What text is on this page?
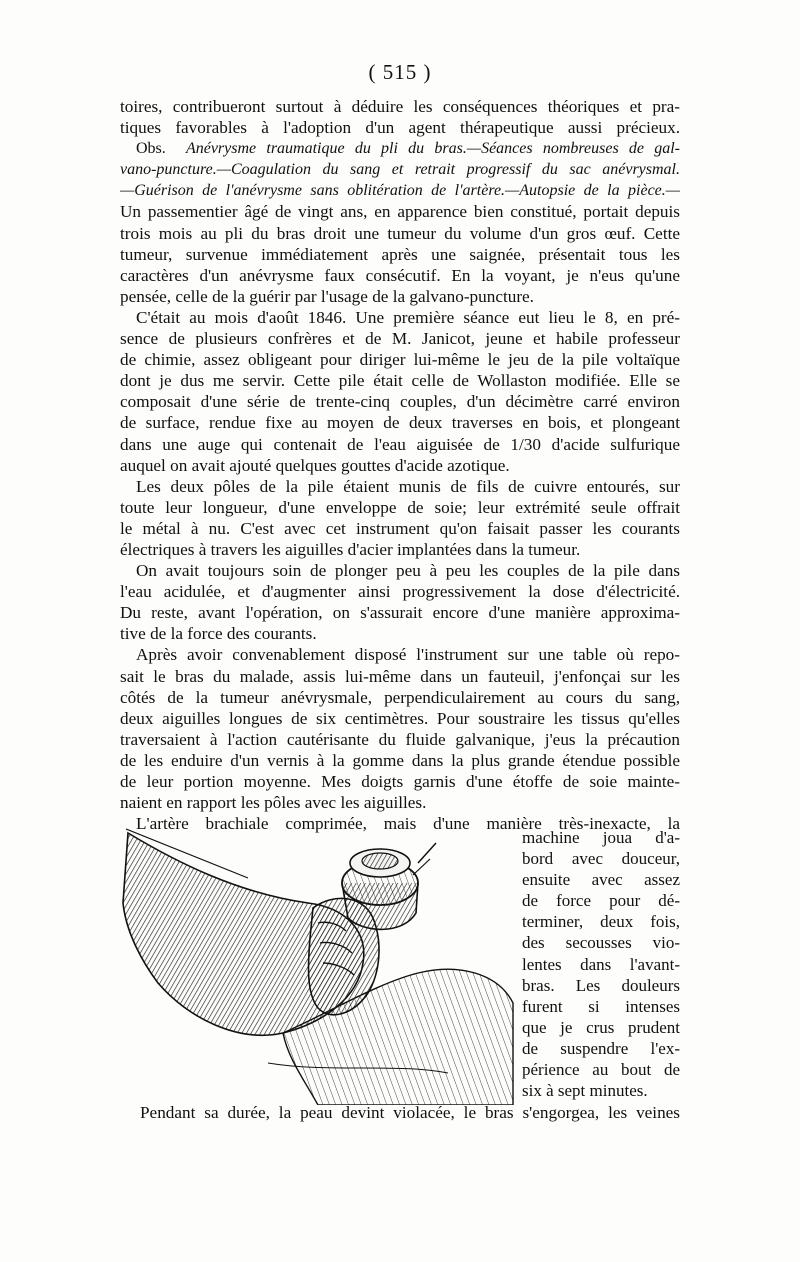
( 515 )
toires, contribueront surtout à déduire les conséquences théoriques et pra-
tiques favorables à l'adoption d'un agent thérapeutique aussi précieux.
Obs. Anévrysme traumatique du pli du bras.—Séances nombreuses de gal-
vano-puncture.—Coagulation du sang et retrait progressif du sac anévrysmal.
—Guérison de l'anévrysme sans oblitération de l'artère.—Autopsie de la pièce.—
Un passementier âgé de vingt ans, en apparence bien constitué, portait depuis
trois mois au pli du bras droit une tumeur du volume d'un gros œuf. Cette
tumeur, survenue immédiatement après une saignée, présentait tous les
caractères d'un anévrysme faux consécutif. En la voyant, je n'eus qu'une
pensée, celle de la guérir par l'usage de la galvano-puncture.
C'était au mois d'août 1846. Une première séance eut lieu le 8, en pré-
sence de plusieurs confrères et de M. Janicot, jeune et habile professeur
de chimie, assez obligeant pour diriger lui-même le jeu de la pile voltaïque
dont je dus me servir. Cette pile était celle de Wollaston modifiée. Elle se
composait d'une série de trente-cinq couples, d'un décimètre carré environ
de surface, rendue fixe au moyen de deux traverses en bois, et plongeant
dans une auge qui contenait de l'eau aiguisée de 1/30 d'acide sulfurique
auquel on avait ajouté quelques gouttes d'acide azotique.
Les deux pôles de la pile étaient munis de fils de cuivre entourés, sur
toute leur longueur, d'une enveloppe de soie; leur extrémité seule offrait
le métal à nu. C'est avec cet instrument qu'on faisait passer les courants
électriques à travers les aiguilles d'acier implantées dans la tumeur.
On avait toujours soin de plonger peu à peu les couples de la pile dans
l'eau acidulée, et d'augmenter ainsi progressivement la dose d'électricité.
Du reste, avant l'opération, on s'assurait encore d'une manière approxima-
tive de la force des courants.
Après avoir convenablement disposé l'instrument sur une table où repo-
sait le bras du malade, assis lui-même dans un fauteuil, j'enfonçai sur les
côtés de la tumeur anévrysmale, perpendiculairement au cours du sang,
deux aiguilles longues de six centimètres. Pour soustraire les tissus qu'elles
traversaient à l'action cautérisante du fluide galvanique, j'eus la précaution
de les enduire d'un vernis à la gomme dans la plus grande étendue possible
de leur portion moyenne. Mes doigts garnis d'une étoffe de soie mainte-
naient en rapport les pôles avec les aiguilles.
L'artère brachiale comprimée, mais d'une manière très-inexacte, la
machine joua d'a-
bord avec douceur,
ensuite avec assez
de force pour dé-
terminer, deux fois,
des secousses vio-
lentes dans l'avant-
bras. Les douleurs
furent si intenses
que je crus prudent
de suspendre l'ex-
périence au bout de
six à sept minutes.
Pendant sa durée, la peau devint violacée, le bras s'engorgea, les veines
